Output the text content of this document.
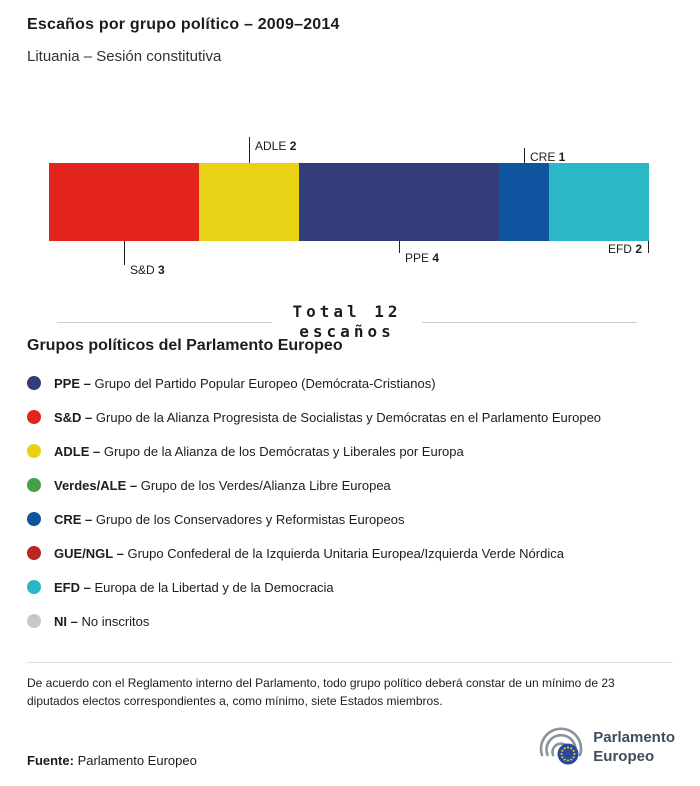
Escaños por grupo político – 2009–2014
Lituania – Sesión constitutiva
S&D 3
ADLE 2
PPE 4
CRE 1
EFD 2
Total 12
escaños
Grupos políticos del Parlamento Europeo
PPE – Grupo del Partido Popular Europeo (Demócrata-Cristianos)
S&D – Grupo de la Alianza Progresista de Socialistas y Demócratas en el Parlamento Europeo
ADLE – Grupo de la Alianza de los Demócratas y Liberales por Europa
Verdes/ALE – Grupo de los Verdes/Alianza Libre Europea
CRE – Grupo de los Conservadores y Reformistas Europeos
GUE/NGL – Grupo Confederal de la Izquierda Unitaria Europea/Izquierda Verde Nórdica
EFD – Europa de la Libertad y de la Democracia
NI – No inscritos

De acuerdo con el Reglamento interno del Parlamento, todo grupo político deberá constar de un mínimo de 23 diputados electos correspondientes a, como mínimo, siete Estados miembros.

Fuente: Parlamento Europeo

Parlamento
Europeo
